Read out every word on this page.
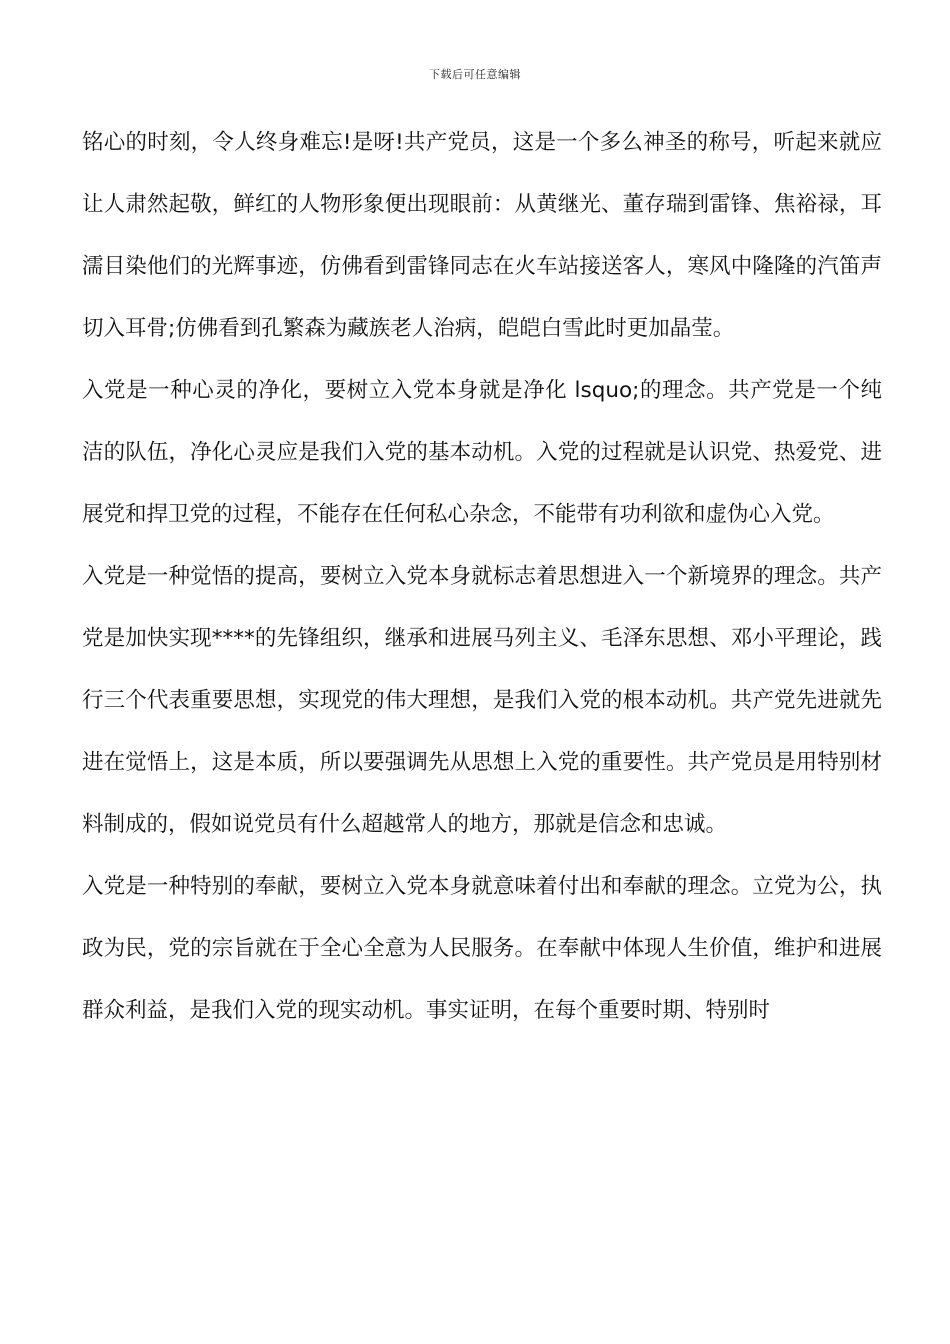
下载后可任意编辑

铭心的时刻，令人终身难忘!是呀!共产党员，这是一个多么神圣的称号，听起来就应让人肃然起敬，鲜红的人物形象便出现眼前：从黄继光、董存瑞到雷锋、焦裕禄，耳濡目染他们的光辉事迹，仿佛看到雷锋同志在火车站接送客人，寒风中隆隆的汽笛声切入耳骨;仿佛看到孔繁森为藏族老人治病，皑皑白雪此时更加晶莹。

入党是一种心灵的净化，要树立入党本身就是净化 lsquo;的理念。共产党是一个纯洁的队伍，净化心灵应是我们入党的基本动机。入党的过程就是认识党、热爱党、进展党和捍卫党的过程，不能存在任何私心杂念，不能带有功利欲和虚伪心入党。

入党是一种觉悟的提高，要树立入党本身就标志着思想进入一个新境界的理念。共产党是加快实现****的先锋组织，继承和进展马列主义、毛泽东思想、邓小平理论，践行三个代表重要思想，实现党的伟大理想，是我们入党的根本动机。共产党先进就先进在觉悟上，这是本质，所以要强调先从思想上入党的重要性。共产党员是用特别材料制成的，假如说党员有什么超越常人的地方，那就是信念和忠诚。

入党是一种特别的奉献，要树立入党本身就意味着付出和奉献的理念。立党为公，执政为民，党的宗旨就在于全心全意为人民服务。在奉献中体现人生价值，维护和进展群众利益，是我们入党的现实动机。事实证明，在每个重要时期、特别时
